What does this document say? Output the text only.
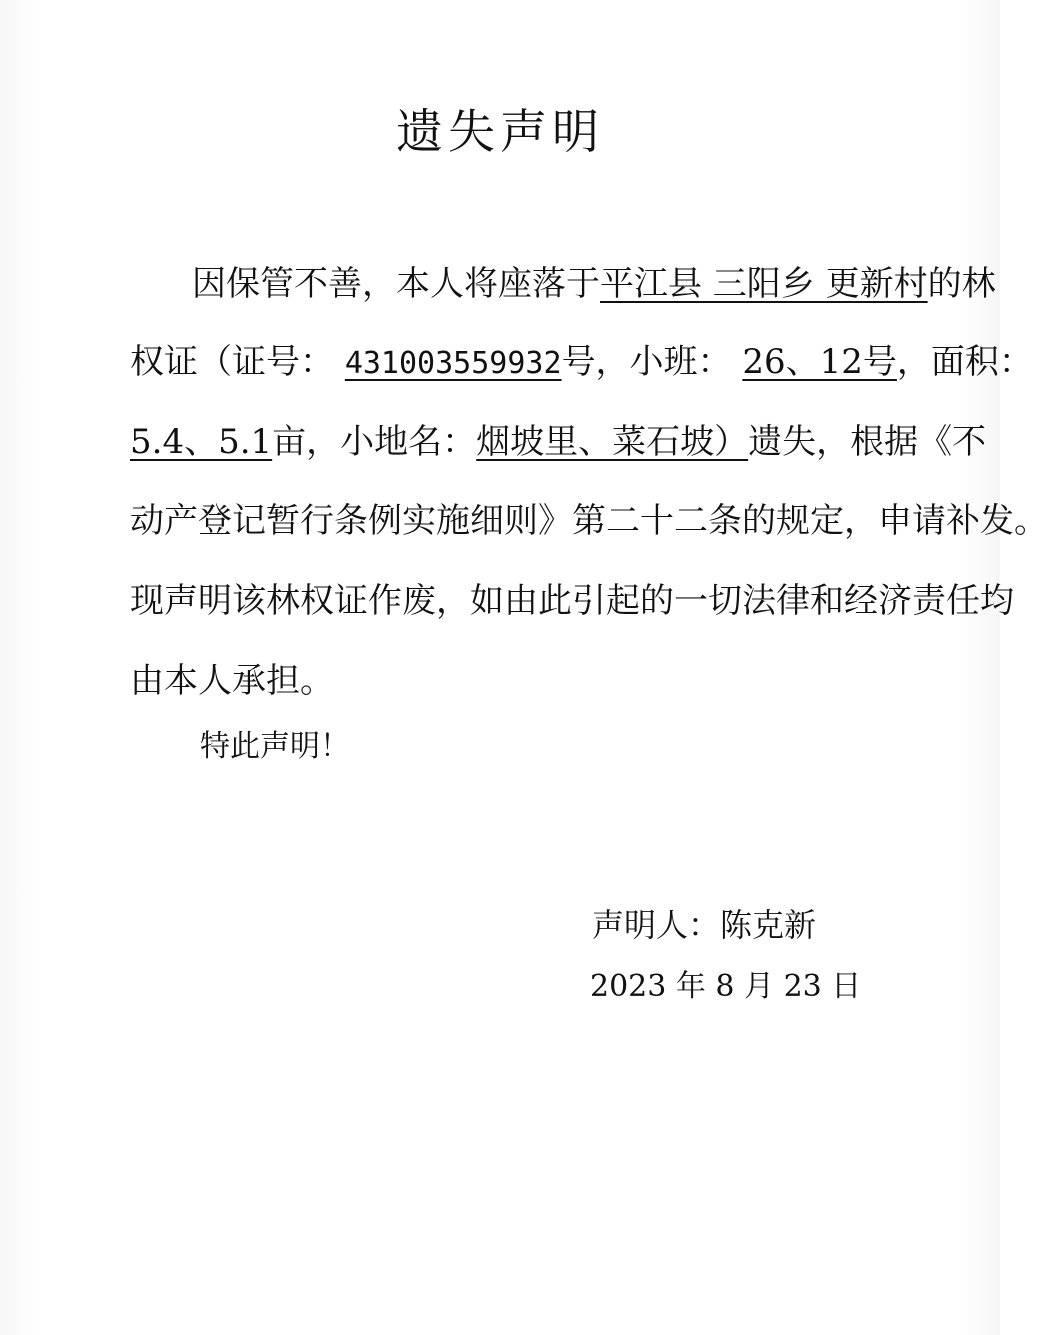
遗失声明
因保管不善，本人将座落于平江县 三阳乡 更新村的林
权证（证号： 431003559932号，小班： 26、12号，面积：
5.4、5.1亩，小地名：烟坡里、菜石坡）遗失，根据《不
动产登记暂行条例实施细则》第二十二条的规定，申请补发。
现声明该林权证作废，如由此引起的一切法律和经济责任均
由本人承担。
特此声明！
声明人：陈克新
2023 年 8 月 23 日
